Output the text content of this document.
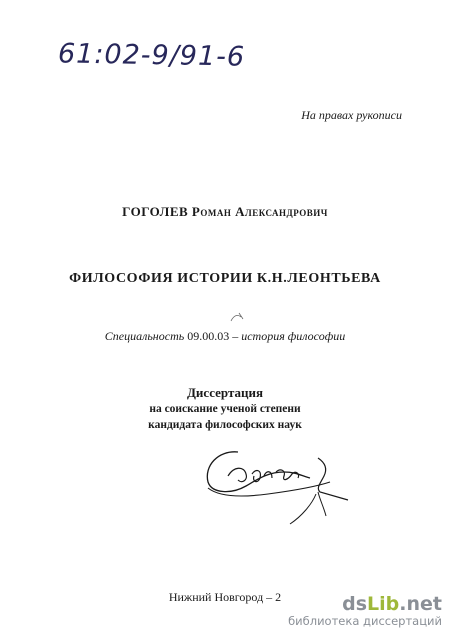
61:02-9/91-6
На правах рукописи
ГОГОЛЕВ Роман Александрович
ФИЛОСОФИЯ ИСТОРИИ К.Н.ЛЕОНТЬЕВА
Специальность 09.00.03 – история философии
Диссертация
на соискание ученой степени
кандидата философских наук
Нижний Новгород – 2	dsLib.net
библиотека диссертаций
